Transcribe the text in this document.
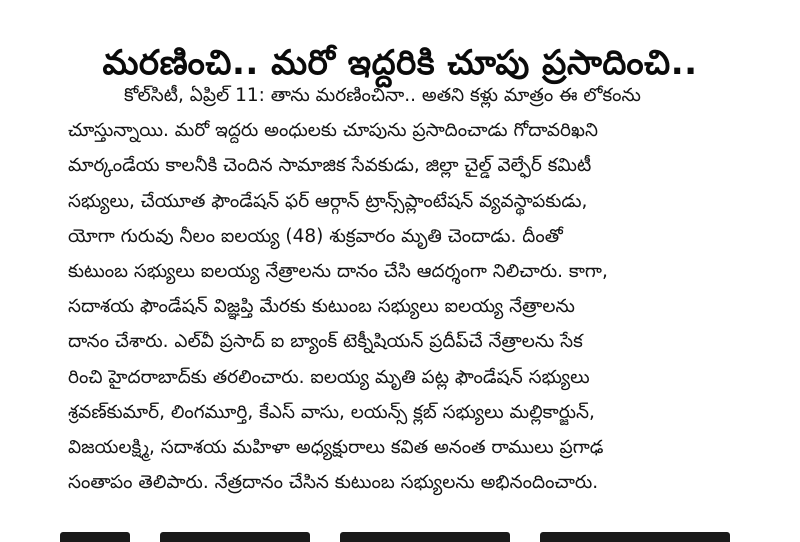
మరణించి.. మరో ఇద్దరికి చూపు ప్రసాదించి..

కోల్‌సిటీ, ఏప్రిల్ 11: తాను మరణించినా.. అతని కళ్లు మాత్రం ఈ లోకంను
చూస్తున్నాయి. మరో ఇద్దరు అంధులకు చూపును ప్రసాదించాడు గోదావరిఖని
మార్కండేయ కాలనీకి చెందిన సామాజిక సేవకుడు, జిల్లా చైల్డ్ వెల్ఫేర్ కమిటీ
సభ్యులు, చేయూత ఫౌండేషన్ ఫర్ ఆర్గాన్ ట్రాన్స్‌ప్లాంటేషన్ వ్యవస్థాపకుడు,
యోగా గురువు నీలం ఐలయ్య (48) శుక్రవారం మృతి చెందాడు. దీంతో
కుటుంబ సభ్యులు ఐలయ్య నేత్రాలను దానం చేసి ఆదర్శంగా నిలిచారు. కాగా,
సదాశయ ఫౌండేషన్ విజ్ఞప్తి మేరకు కుటుంబ సభ్యులు ఐలయ్య నేత్రాలను
దానం చేశారు. ఎల్‌వీ ప్రసాద్ ఐ బ్యాంక్ టెక్నీషియన్ ప్రదీప్‌చే నేత్రాలను సేక
రించి హైదరాబాద్‌కు తరలించారు. ఐలయ్య మృతి పట్ల ఫౌండేషన్ సభ్యులు
శ్రవణ్‌కుమార్, లింగమూర్తి, కేఎస్ వాసు, లయన్స్ క్లబ్ సభ్యులు మల్లికార్జున్,
విజయలక్ష్మి, సదాశయ మహిళా అధ్యక్షురాలు కవిత అనంత రాములు ప్రగాఢ
సంతాపం తెలిపారు. నేత్రదానం చేసిన కుటుంబ సభ్యులను అభినందించారు.
